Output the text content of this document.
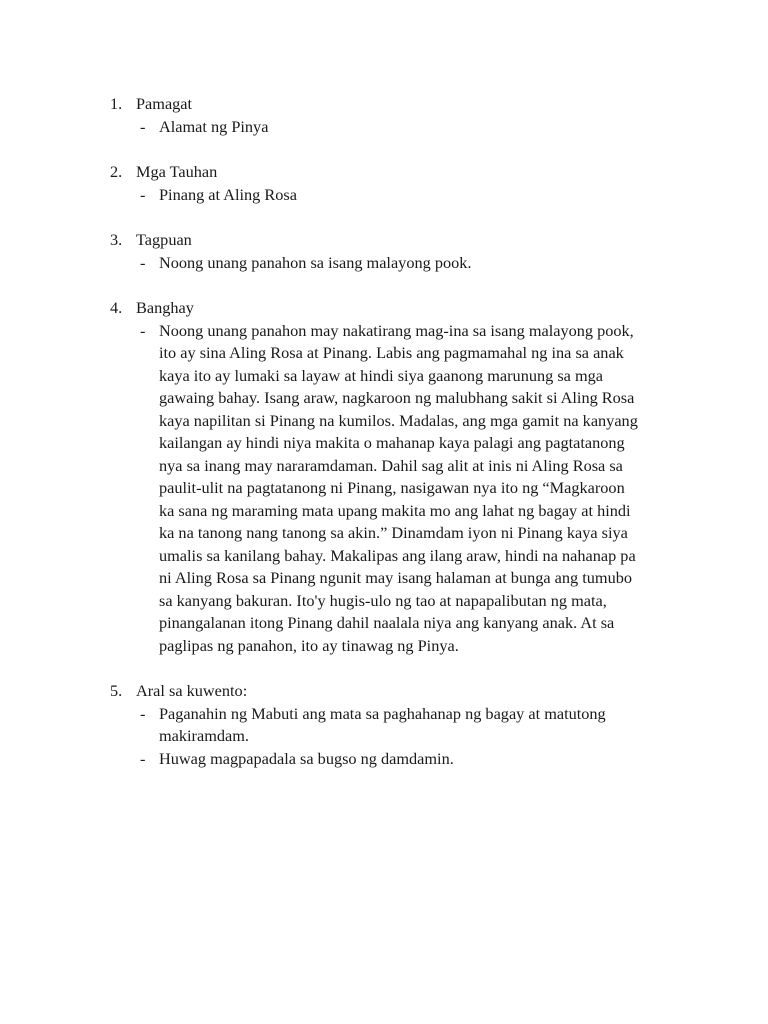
1. Pamagat
- Alamat ng Pinya
2. Mga Tauhan
- Pinang at Aling Rosa
3. Tagpuan
- Noong unang panahon sa isang malayong pook.
4. Banghay
- Noong unang panahon may nakatirang mag-ina sa isang malayong pook,
ito ay sina Aling Rosa at Pinang. Labis ang pagmamahal ng ina sa anak
kaya ito ay lumaki sa layaw at hindi siya gaanong marunung sa mga
gawaing bahay. Isang araw, nagkaroon ng malubhang sakit si Aling Rosa
kaya napilitan si Pinang na kumilos. Madalas, ang mga gamit na kanyang
kailangan ay hindi niya makita o mahanap kaya palagi ang pagtatanong
nya sa inang may nararamdaman. Dahil sag alit at inis ni Aling Rosa sa
paulit-ulit na pagtatanong ni Pinang, nasigawan nya ito ng “Magkaroon
ka sana ng maraming mata upang makita mo ang lahat ng bagay at hindi
ka na tanong nang tanong sa akin.” Dinamdam iyon ni Pinang kaya siya
umalis sa kanilang bahay. Makalipas ang ilang araw, hindi na nahanap pa
ni Aling Rosa sa Pinang ngunit may isang halaman at bunga ang tumubo
sa kanyang bakuran. Ito'y hugis-ulo ng tao at napapalibutan ng mata,
pinangalanan itong Pinang dahil naalala niya ang kanyang anak. At sa
paglipas ng panahon, ito ay tinawag ng Pinya.
5. Aral sa kuwento:
- Paganahin ng Mabuti ang mata sa paghahanap ng bagay at matutong
makiramdam.
- Huwag magpapadala sa bugso ng damdamin.
